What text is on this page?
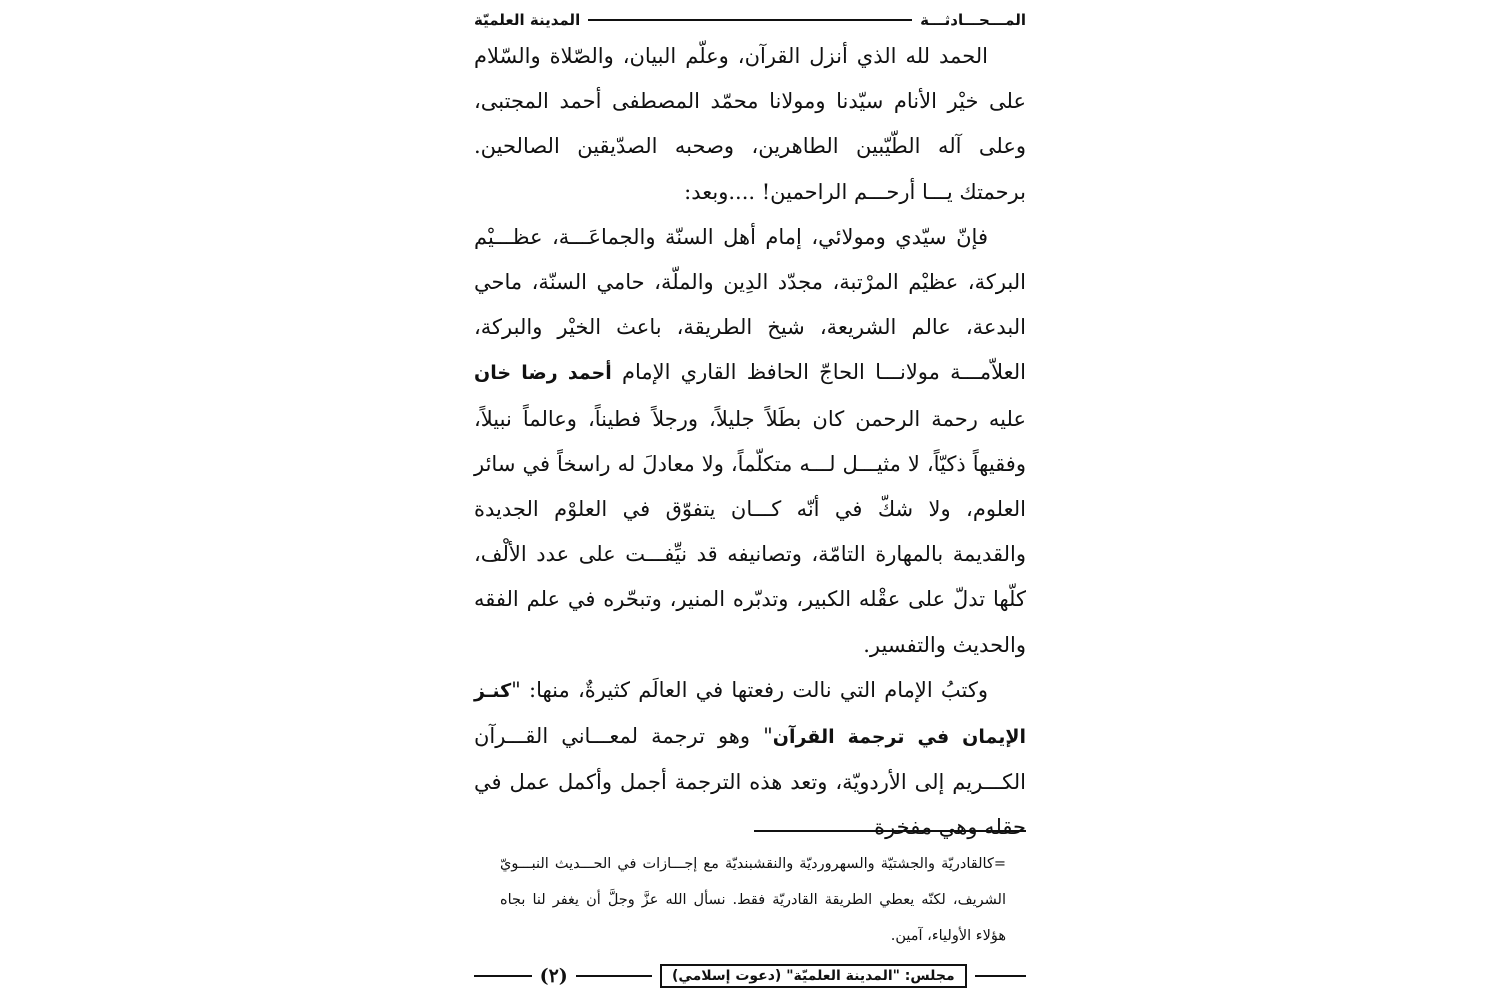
المـــحـــادثـــة
المدينة العلميّة

الحمد لله الذي أنزل القرآن، وعلّم البيان، والصّلاة والسّلام على خيْر الأنام سيّدنا ومولانا محمّد المصطفى أحمد المجتبى، وعلى آله الطّيّبين الطاهرين، وصحبه الصدّيقين الصالحين. برحمتك يـــا أرحـــم الراحمين! ....وبعد:

فإنّ سيّدي ومولائي، إمام أهل السنّة والجماعَـــة، عظـــيْم البركة، عظيْم المرْتبة، مجدّد الدِين والملّة، حامي السنّة، ماحي البدعة، عالم الشريعة، شيخ الطريقة، باعث الخيْر والبركة، العلاّمـــة مولانـــا الحاجّ الحافظ القاري الإمام أحمد رضا خان عليه رحمة الرحمن كان بطَلاً جليلاً، ورجلاً فطيناً، وعالماً نبيلاً، وفقيهاً ذكيّاً، لا مثيـــل لـــه متكلّماً، ولا معادلَ له راسخاً في سائر العلوم، ولا شكّ في أنّه كـــان يتفوّق في العلوْم الجديدة والقديمة بالمهارة التامّة، وتصانيفه قد نيِّفـــت على عدد الألْف، كلّها تدلّ على عقْله الكبير، وتدبّره المنير، وتبحّره في علم الفقه والحديث والتفسير.

وكتبُ الإمام التي نالت رفعتها في العالَم كثيرةٌ، منها: "كنـز الإيمان في ترجمة القرآن" وهو ترجمة لمعـــاني القـــرآن الكـــريم إلى الأردويّة، وتعد هذه الترجمة أجمل وأكمل عمل في حقله وهي مفخرة

=كالقادريّة والجشتيّة والسهرورديّة والنقشبنديّة مع إجـــازات في الحـــديث النبـــويّ الشريف، لكنّه يعطي الطريقة القادريّة فقط. نسأل الله عزَّ وجلَّ أن يغفر لنا بجاه هؤلاء الأولياء، آمين.

مجلس: "المدينة العلميّة" (دعوت إسلامي)
(٢)
